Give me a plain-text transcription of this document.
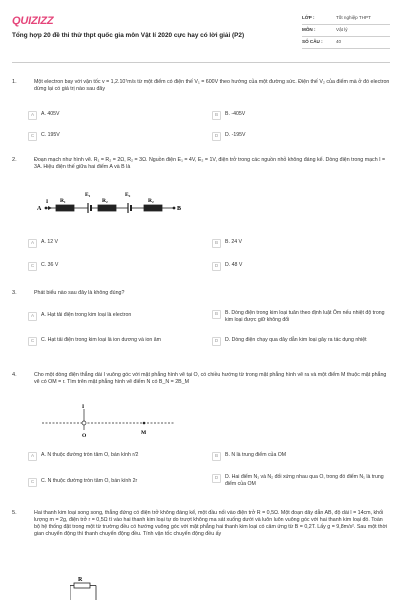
QUIZIZZ
Tổng hợp 20 đề thi thử thpt quốc gia môn Vật lí 2020 cực hay có lời giải (P2)
LỚP :	Tốt nghiệp THPT
MÔN :	Vật lý
SỐ CÂU :	40
1.	Một electron bay với vận tốc v = 1,2.10⁷m/s từ một điểm có điện thế V₁ = 600V theo hướng của một đường sức. Điện thế V₂ của điểm mà ở đó electron dừng lại có giá trị nào sau đây
A	A. 405V	B	B. -405V
C	C. 195V	D	D. -195V
2.	Đoạn mạch như hình vẽ. R₁ = R₂ = 2Ω, R₂ = 3Ω. Nguồn điện E₁ = 4V, E₂ = 1V, điện trở trong các nguồn nhỏ không đáng kể. Dòng điện trong mạch I = 3A. Hiệu điện thế giữa hai điểm A và B là
A
I
B
R₁	R₂	R₂
E₁	E₂
A	A. 12 V	B	B. 24 V
C	C. 36 V	D	D. 48 V
3.	Phát biểu nào sau đây là không đúng?
A	A. Hạt tải điện trong kim loại là electron	B	B. Dòng điện trong kim loại tuân theo định luật Ôm nếu nhiệt độ trong kim loại được giữ không đổi
C	C. Hạt tải điện trong kim loại là ion dương và ion âm	D	D. Dòng điện chạy qua dây dẫn kim loại gây ra tác dụng nhiệt
4.	Cho một dòng điện thẳng dài I vuông góc với mặt phẳng hình vẽ tại O, có chiều hướng từ trong mặt phẳng hình vẽ ra và một điểm M thuộc mặt phẳng vẽ có OM = r. Tìm trên mặt phẳng hình vẽ điểm N có B_N = 2B_M
I
O	M
A	A. N thuộc đường tròn tâm O, bán kính r/2	B	B. N là trung điểm của OM
C	C. N thuộc đường tròn tâm O, bán kính 2r
D	D. Hai điểm N₁ và N₂ đối xứng nhau qua O, trong đó điểm N₁ là trung điểm của OM
5.	Hai thanh kim loại song song, thẳng đứng có điện trở không đáng kể, một đầu nối vào điện trở R = 0,5Ω. Một đoạn dây dẫn AB, độ dài l = 14cm, khối lượng m = 2g, điện trở r = 0,5Ω tì vào hai thanh kim loại tự do trượt không ma sát xuống dưới và luôn luôn vuông góc với hai thanh kim loại đó. Toàn bộ hệ thống đặt trong một từ trường đều có hướng vuông góc với mặt phẳng hai thanh kim loại có cảm ứng từ B = 0,2T. Lấy g = 9,8m/s². Sau một thời gian chuyển động thì thanh chuyển động đều. Tính vận tốc chuyển động đều ấy
R
